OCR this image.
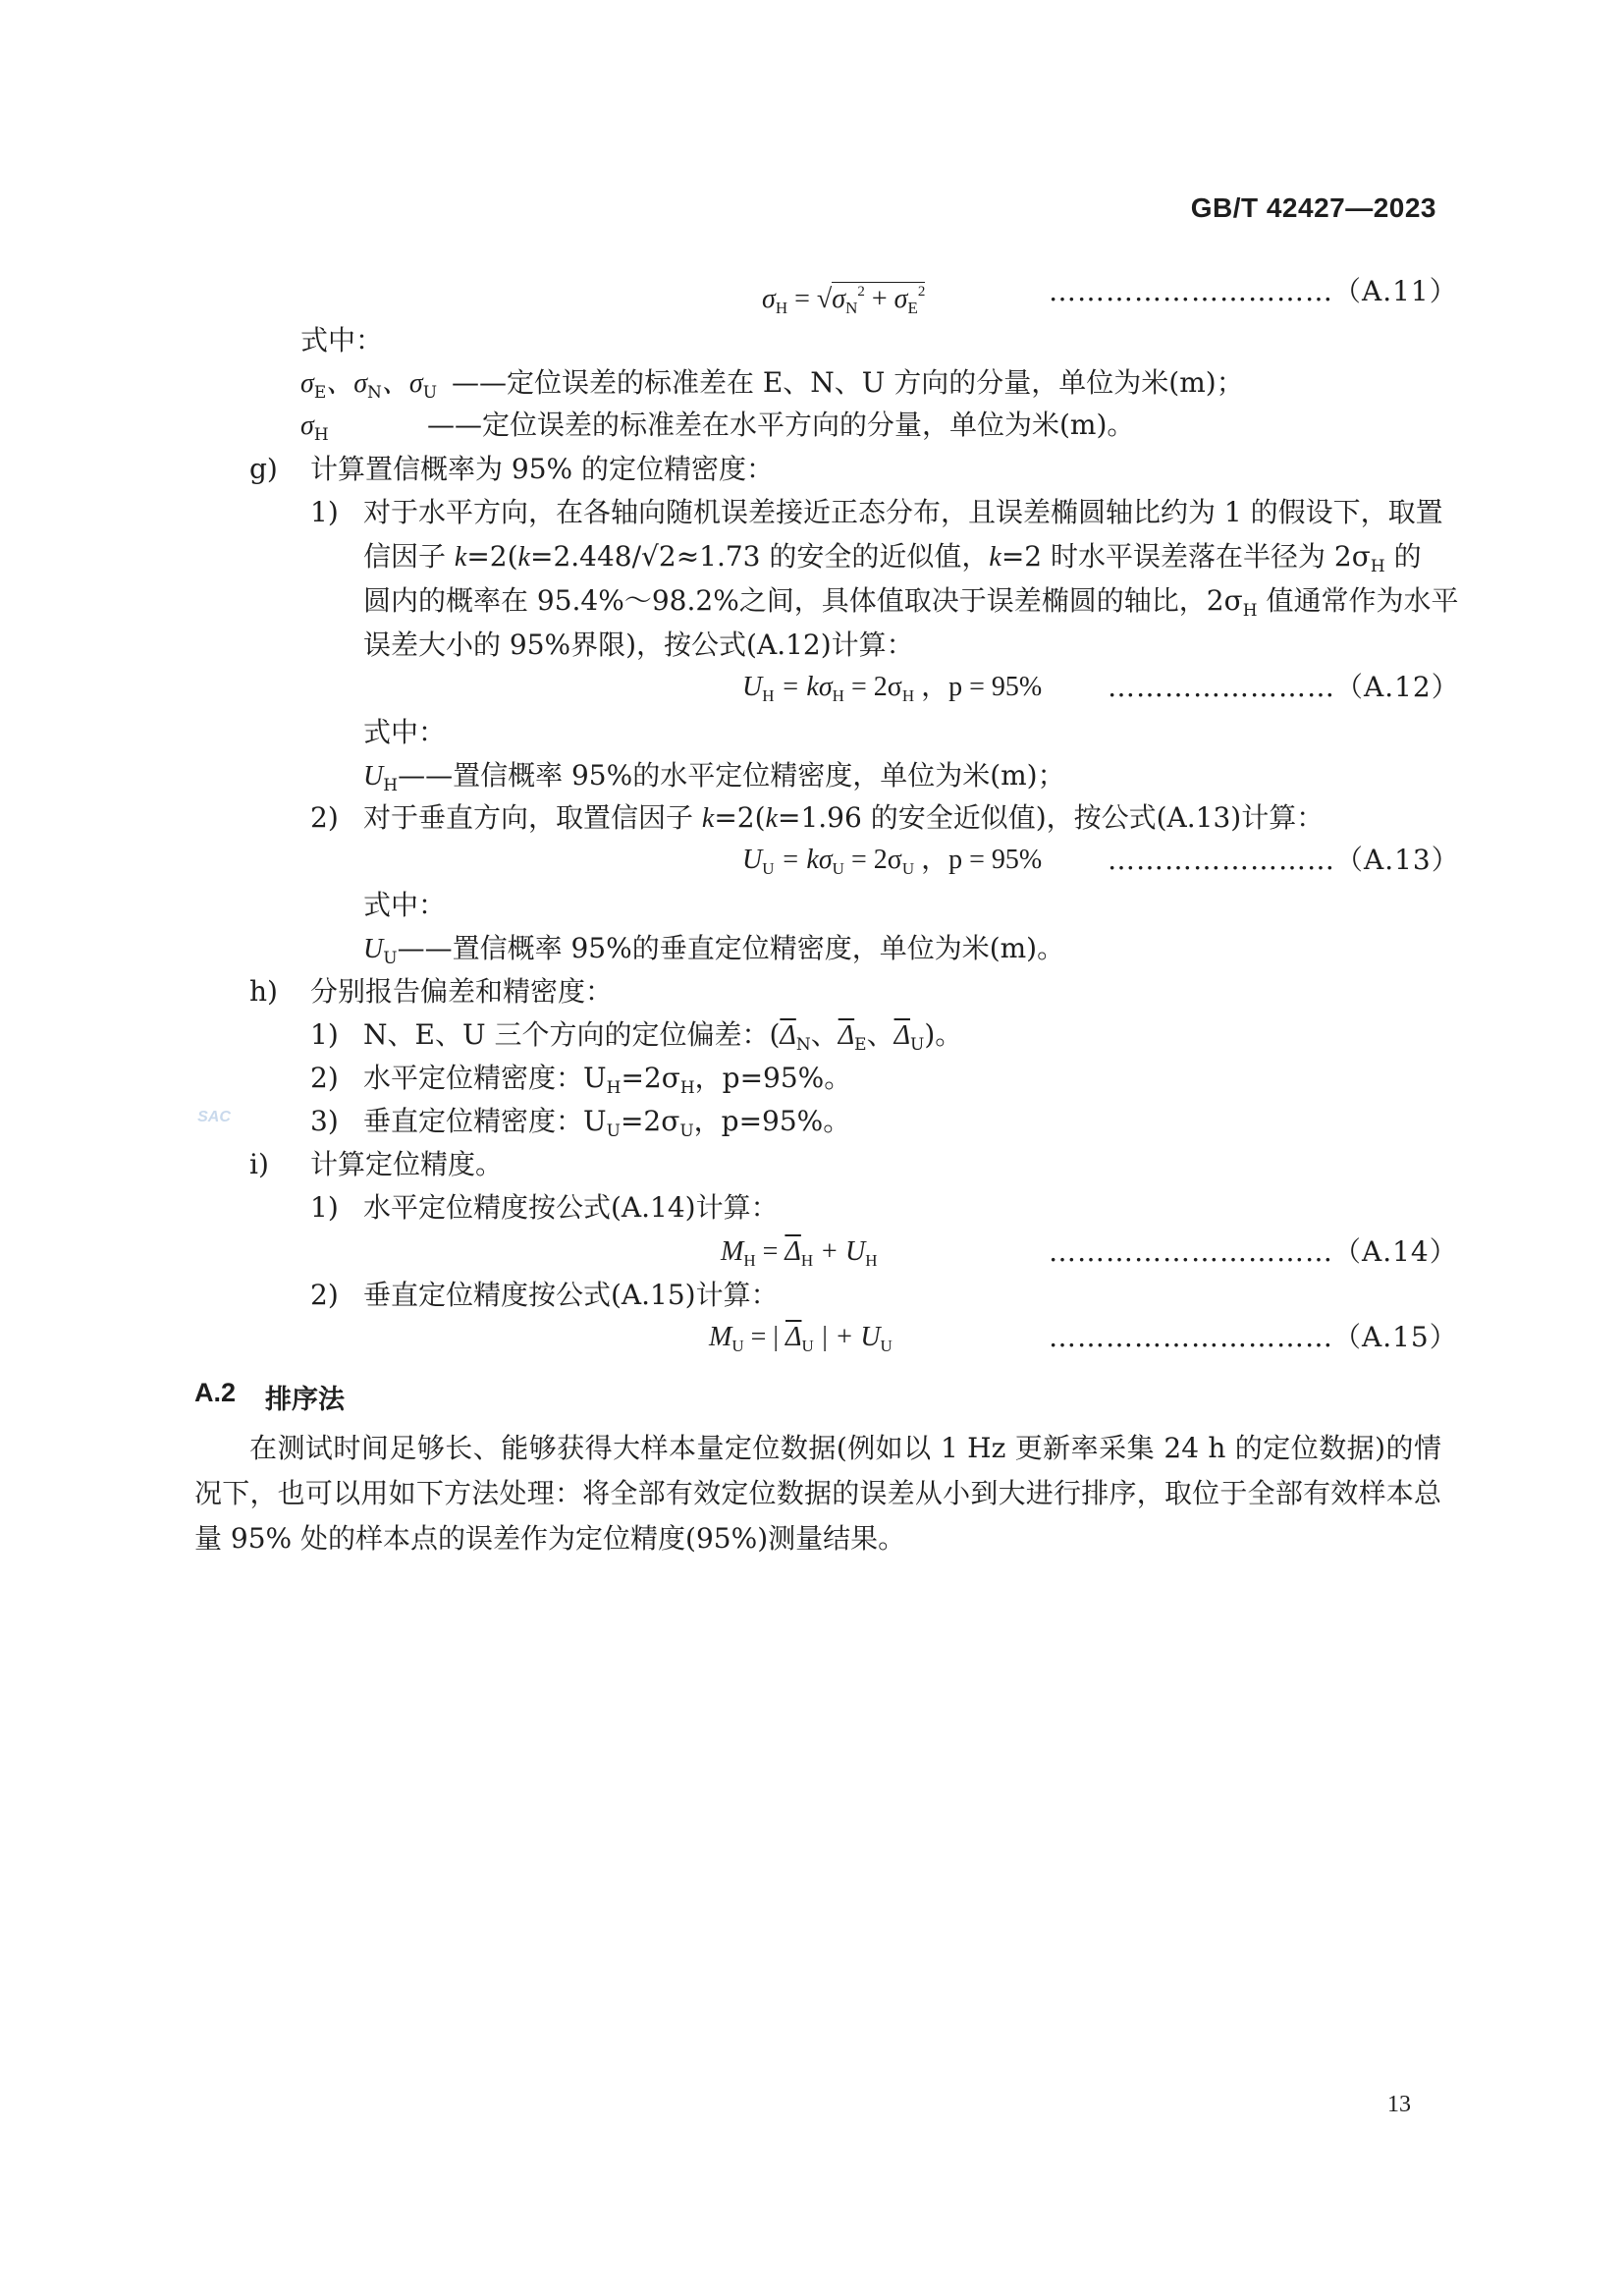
GB/T 42427—2023
$\sigma_H = √\sigma_N^2 + \sigma_E^2$	…………………………（A.11）
式中：
$\sigma_E$、$\sigma_N$、$\sigma_U$ ——定位误差的标准差在 E、N、U 方向的分量，单位为米(m)；
$\sigma_H$	——定位误差的标准差在水平方向的分量，单位为米(m)。
g) 计算置信概率为 95% 的定位精密度：
1) 对于水平方向，在各轴向随机误差接近正态分布，且误差椭圆轴比约为 1 的假设下，取置
信因子 k=2(k=2.448/√2≈1.73 的安全的近似值，k=2 时水平误差落在半径为 $2\sigma_H$ 的
圆内的概率在 95.4%～98.2%之间，具体值取决于误差椭圆的轴比，$2\sigma_H$ 值通常作为水平
误差大小的 95%界限)，按公式(A.12)计算：
$U_H = k\sigma_H = 2\sigma_H$ ，p = 95% ……………………（A.12）
式中：
$U_H——$置信概率 95%的水平定位精密度，单位为米(m)；
2) 对于垂直方向，取置信因子 k=2(k=1.96 的安全近似值)，按公式(A.13)计算：
$U_U = k\sigma_U = 2\sigma_U$ ，p = 95% ……………………（A.13）
式中：
$U_U——$置信概率 95%的垂直定位精密度，单位为米(m)。
h) 分别报告偏差和精密度：
1) N、E、U 三个方向的定位偏差：($\overline{\Delta}_N$、$\overline{\Delta}_E$、$\overline{\Delta}_U$)。
2) 水平定位精密度：$U_H=2\sigma_H$，p=95%。
SAC	3) 垂直定位精密度：$U_U=2\sigma_U$，p=95%。
i) 计算定位精度。
1) 水平定位精度按公式(A.14)计算：
$M_H = \overline{\Delta}_H + U_H$	…………………………（A.14）
2) 垂直定位精度按公式(A.15)计算：
$M_U$ = | $\overline{\Delta}_U$ | + $U_U$	…………………………（A.15）
A.2 排序法
在测试时间足够长、能够获得大样本量定位数据(例如以 1 Hz 更新率采集 24 h 的定位数据)的情况下，也可以用如下方法处理：将全部有效定位数据的误差从小到大进行排序，取位于全部有效样本总量 95% 处的样本点的误差作为定位精度(95%)测量结果。
13
